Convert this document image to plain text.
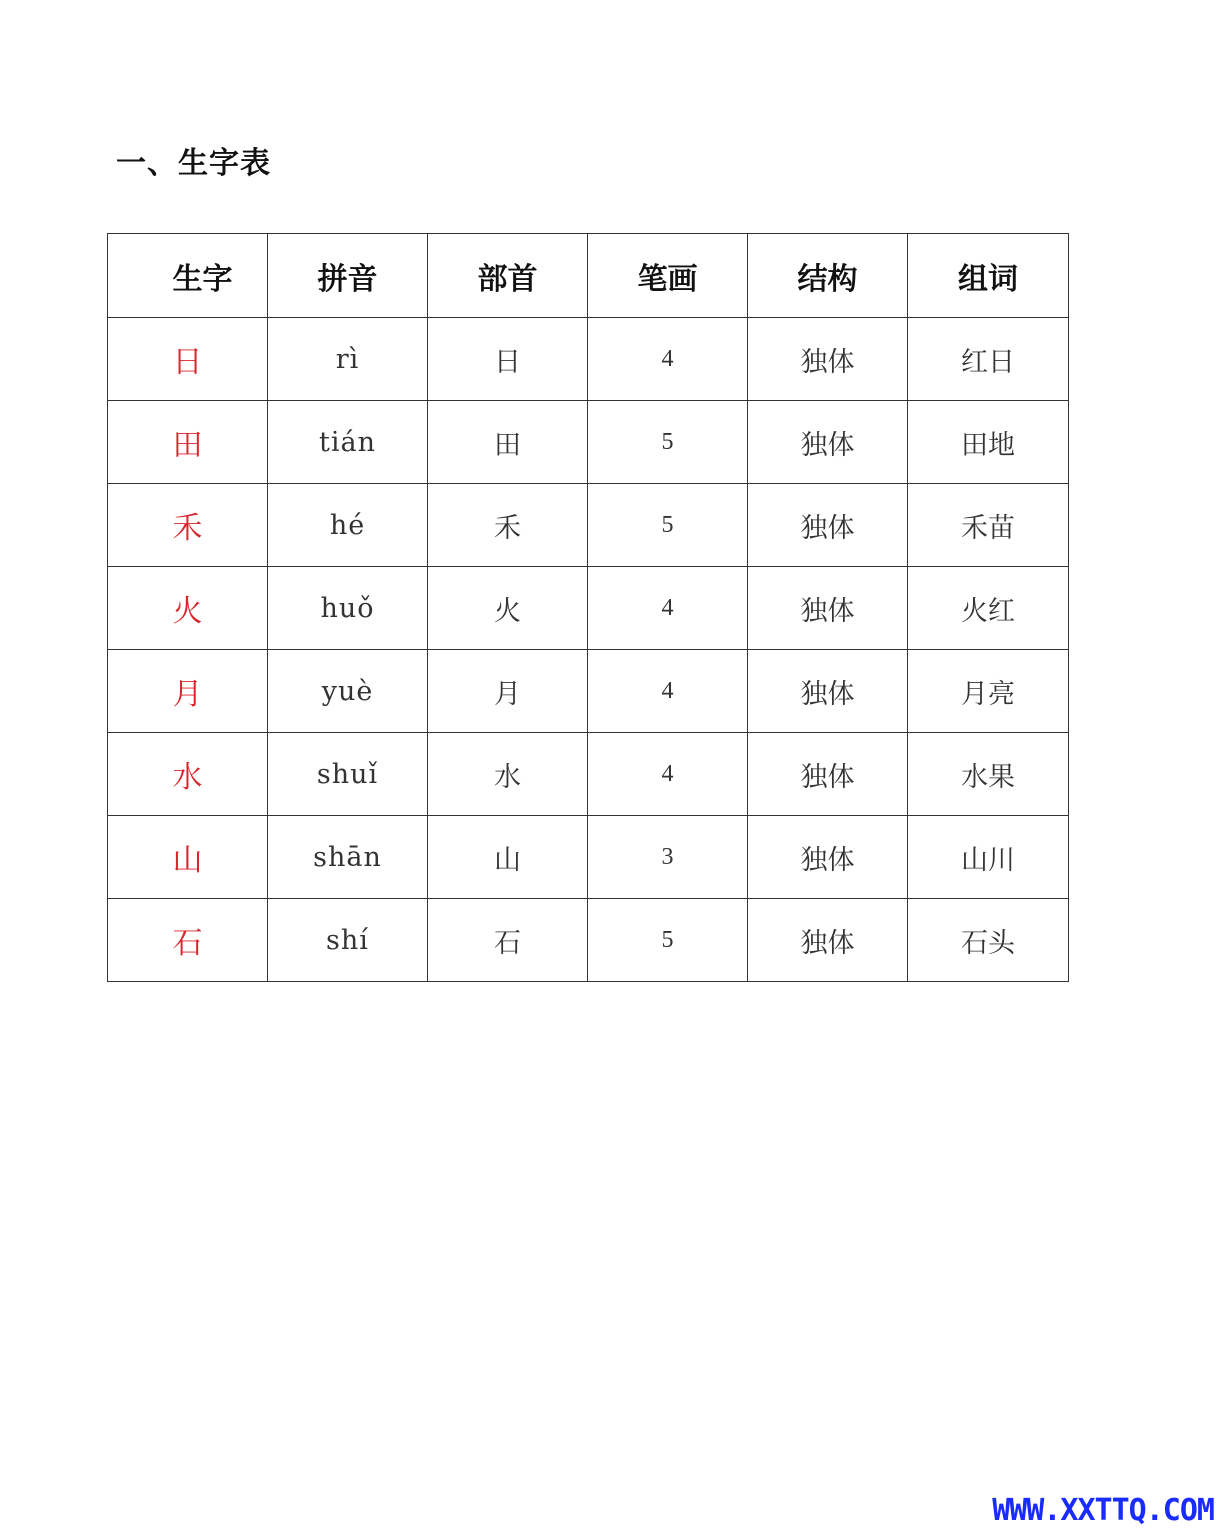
一、生字表
生字	拼音	部首	笔画	结构	组词
日	rì	日	4	独体	红日
田	tián	田	5	独体	田地
禾	hé	禾	5	独体	禾苗
火	huǒ	火	4	独体	火红
月	yuè	月	4	独体	月亮
水	shuǐ	水	4	独体	水果
山	shān	山	3	独体	山川
石	shí	石	5	独体	石头
WWW.XXTTQ.COM
